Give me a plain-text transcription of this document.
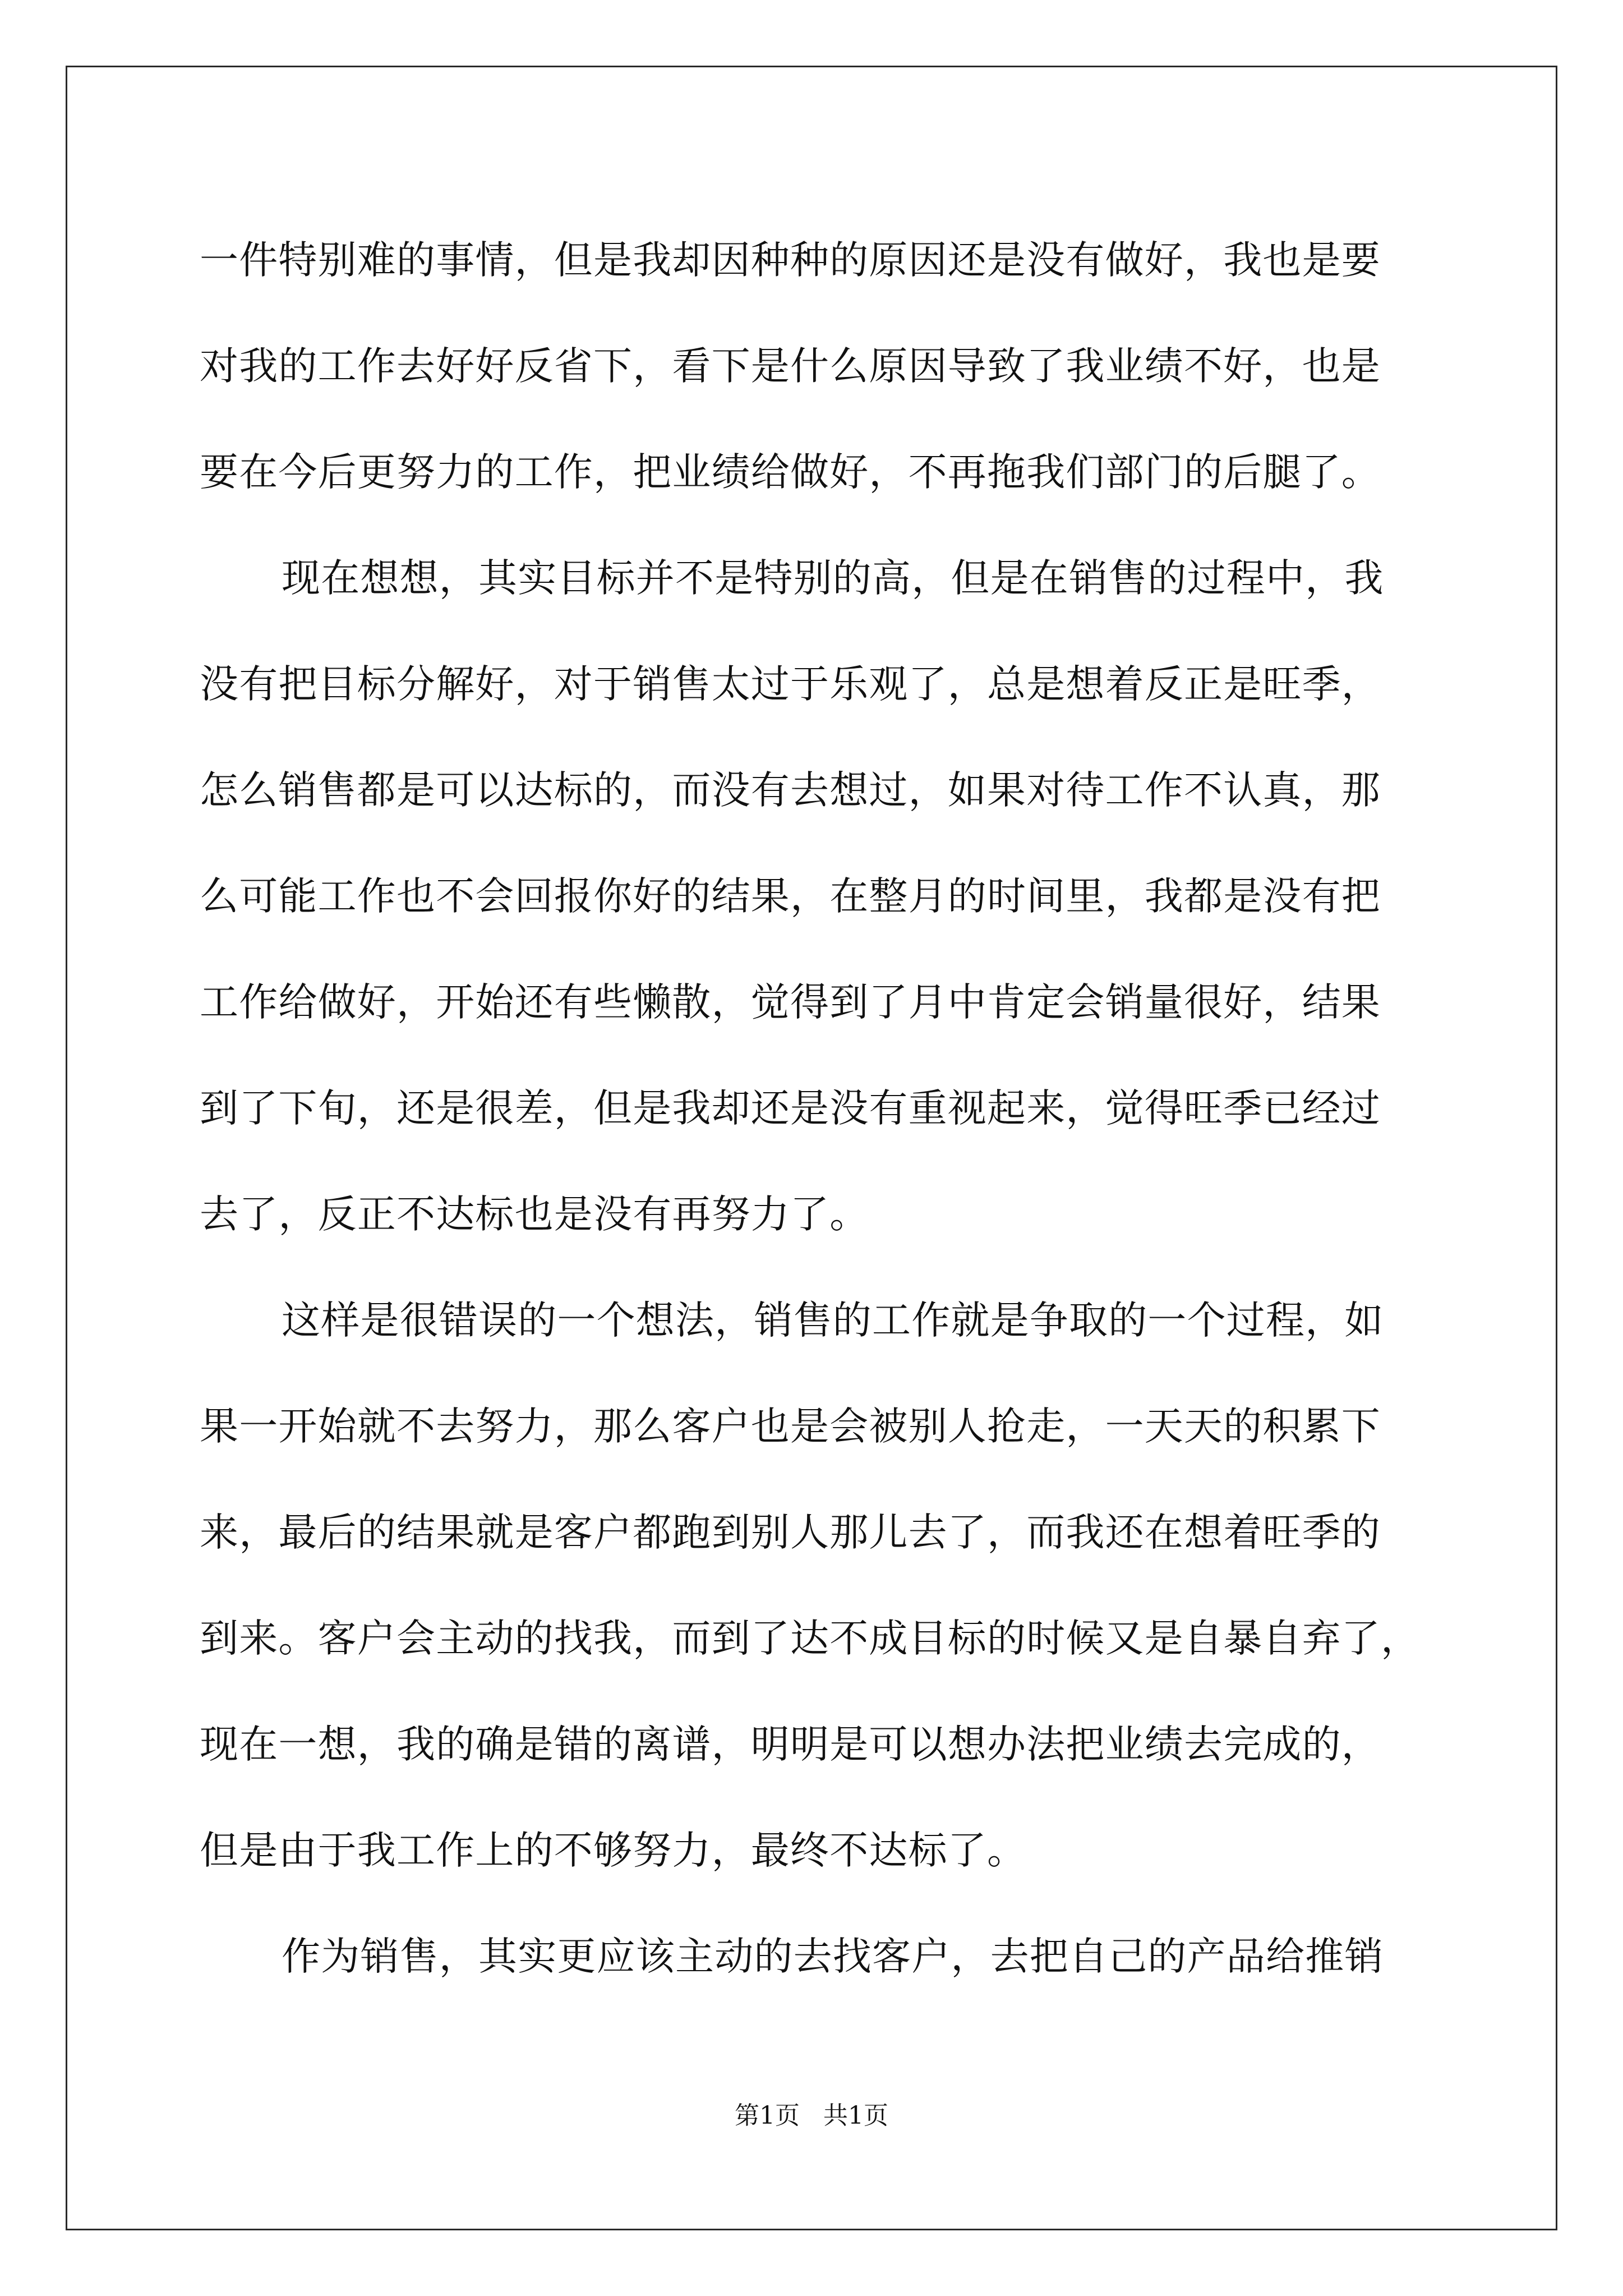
一件特别难的事情，但是我却因种种的原因还是没有做好，我也是要
对我的工作去好好反省下，看下是什么原因导致了我业绩不好，也是
要在今后更努力的工作，把业绩给做好，不再拖我们部门的后腿了。
现在想想，其实目标并不是特别的高，但是在销售的过程中，我
没有把目标分解好，对于销售太过于乐观了，总是想着反正是旺季，
怎么销售都是可以达标的，而没有去想过，如果对待工作不认真，那
么可能工作也不会回报你好的结果，在整月的时间里，我都是没有把
工作给做好，开始还有些懒散，觉得到了月中肯定会销量很好，结果
到了下旬，还是很差，但是我却还是没有重视起来，觉得旺季已经过
去了，反正不达标也是没有再努力了。
这样是很错误的一个想法，销售的工作就是争取的一个过程，如
果一开始就不去努力，那么客户也是会被别人抢走，一天天的积累下
来，最后的结果就是客户都跑到别人那儿去了，而我还在想着旺季的
到来。客户会主动的找我，而到了达不成目标的时候又是自暴自弃了，
现在一想，我的确是错的离谱，明明是可以想办法把业绩去完成的，
但是由于我工作上的不够努力，最终不达标了。
作为销售，其实更应该主动的去找客户，去把自己的产品给推销
第1页 共1页
